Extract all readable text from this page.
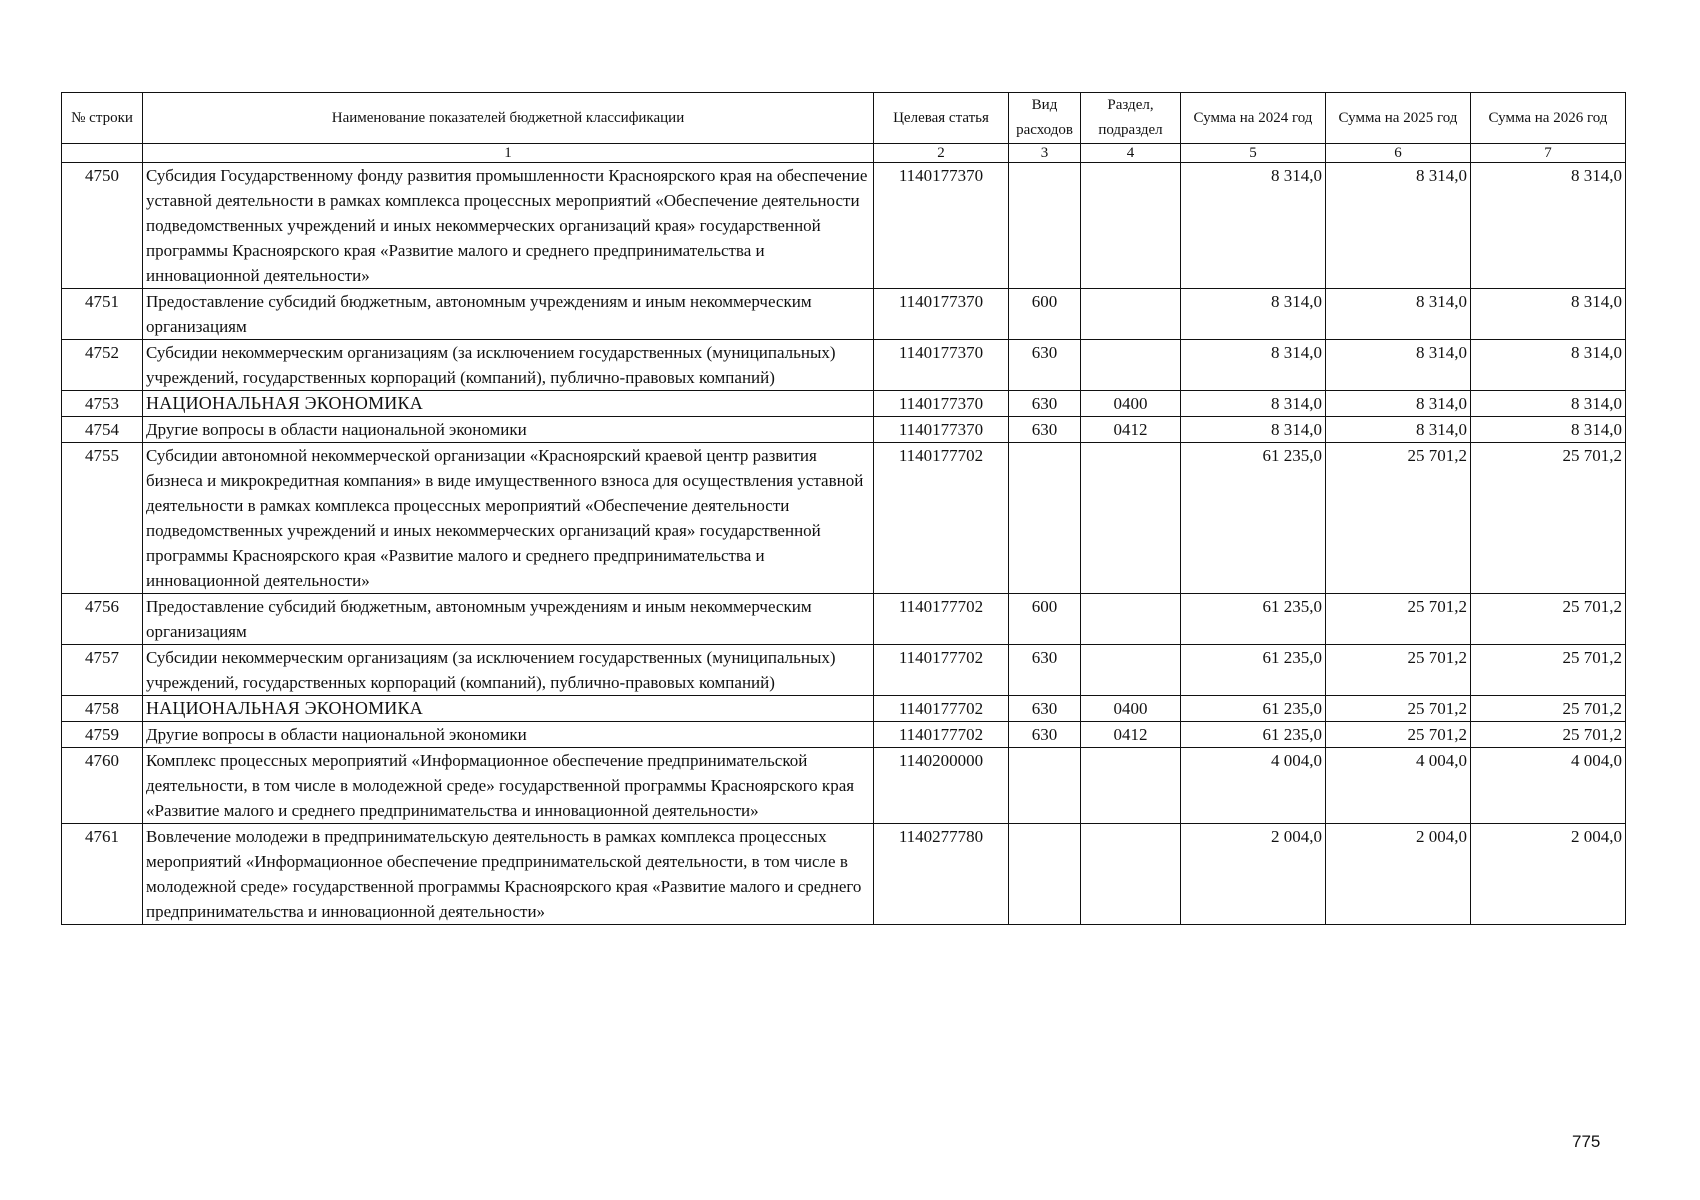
№ строки	Наименование показателей бюджетной классификации	Целевая статья	Вид расходов	Раздел, подраздел	Сумма на 2024 год	Сумма на 2025 год	Сумма на 2026 год
	1	2	3	4	5	6	7
4750	Субсидия Государственному фонду развития промышленности Красноярского края на обеспечение уставной деятельности в рамках комплекса процессных мероприятий «Обеспечение деятельности подведомственных учреждений и иных некоммерческих организаций края» государственной программы Красноярского края «Развитие малого и среднего предпринимательства и инновационной деятельности»	1140177370			8 314,0	8 314,0	8 314,0
4751	Предоставление субсидий бюджетным, автономным учреждениям и иным некоммерческим организациям	1140177370	600		8 314,0	8 314,0	8 314,0
4752	Субсидии некоммерческим организациям (за исключением государственных (муниципальных) учреждений, государственных корпораций (компаний), публично-правовых компаний)	1140177370	630		8 314,0	8 314,0	8 314,0
4753	НАЦИОНАЛЬНАЯ ЭКОНОМИКА	1140177370	630	0400	8 314,0	8 314,0	8 314,0
4754	Другие вопросы в области национальной экономики	1140177370	630	0412	8 314,0	8 314,0	8 314,0
4755	Субсидии автономной некоммерческой организации «Красноярский краевой центр развития бизнеса и микрокредитная компания» в виде имущественного взноса для осуществления уставной деятельности в рамках комплекса процессных мероприятий «Обеспечение деятельности подведомственных учреждений и иных некоммерческих организаций края» государственной программы Красноярского края «Развитие малого и среднего предпринимательства и инновационной деятельности»	1140177702			61 235,0	25 701,2	25 701,2
4756	Предоставление субсидий бюджетным, автономным учреждениям и иным некоммерческим организациям	1140177702	600		61 235,0	25 701,2	25 701,2
4757	Субсидии некоммерческим организациям (за исключением государственных (муниципальных) учреждений, государственных корпораций (компаний), публично-правовых компаний)	1140177702	630		61 235,0	25 701,2	25 701,2
4758	НАЦИОНАЛЬНАЯ ЭКОНОМИКА	1140177702	630	0400	61 235,0	25 701,2	25 701,2
4759	Другие вопросы в области национальной экономики	1140177702	630	0412	61 235,0	25 701,2	25 701,2
4760	Комплекс процессных мероприятий «Информационное обеспечение предпринимательской деятельности, в том числе в молодежной среде» государственной программы Красноярского края «Развитие малого и среднего предпринимательства и инновационной деятельности»	1140200000			4 004,0	4 004,0	4 004,0
4761	Вовлечение молодежи в предпринимательскую деятельность в рамках комплекса процессных мероприятий «Информационное обеспечение предпринимательской деятельности, в том числе в молодежной среде» государственной программы Красноярского края «Развитие малого и среднего предпринимательства и инновационной деятельности»	1140277780			2 004,0	2 004,0	2 004,0
775
